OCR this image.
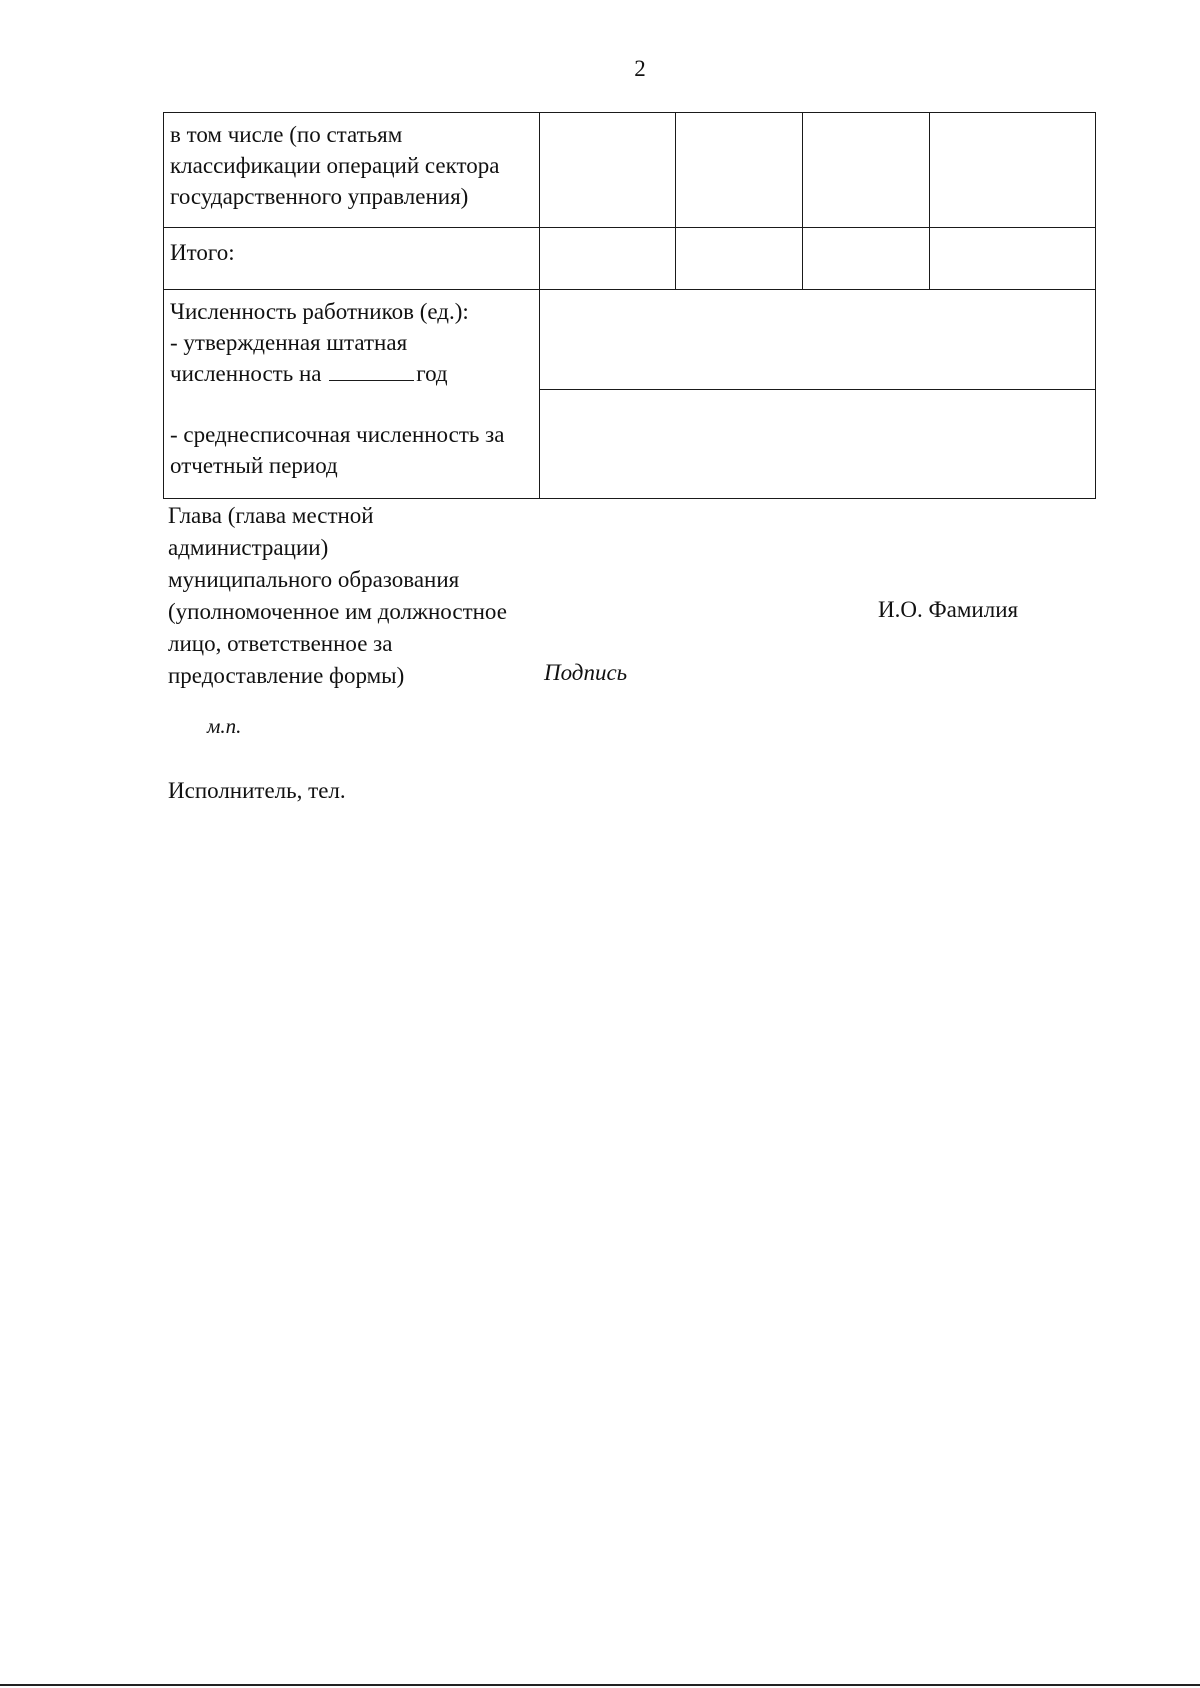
2
в том числе (по статьям
классификации операций сектора
государственного управления)				

Итого:				

Численность работников (ед.):
- утвержденная штатная
численность на год
- среднесписочная численность за
отчетный период				

Глава (глава местной
администрации)
муниципального образования
(уполномоченное им должностное
лицо, ответственное за
предоставление формы)	Подпись
И.О. Фамилия
м.п.
Исполнитель, тел.
